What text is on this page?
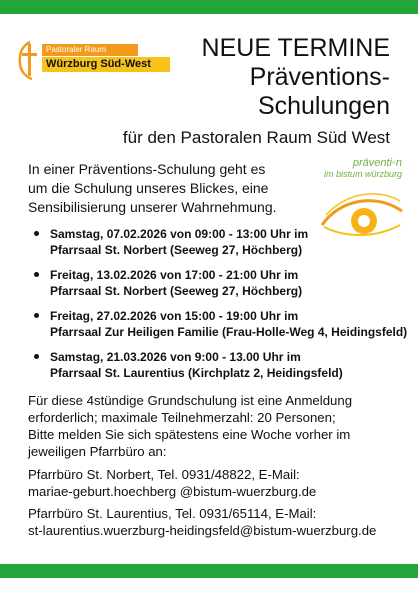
Pastoraler Raum
Würzburg Süd-West
NEUE TERMINE
Präventions-
Schulungen
für den Pastoralen Raum Süd West
In einer Präventions-Schulung geht es
um die Schulung unseres Blickes, eine
Sensibilisierung unserer Wahrnehmung.
präventi◦n
im bistum würzburg
Samstag, 07.02.2026 von 09:00 - 13:00 Uhr im
Pfarrsaal St. Norbert (Seeweg 27, Höchberg)
Freitag, 13.02.2026 von 17:00 - 21:00 Uhr im
Pfarrsaal St. Norbert (Seeweg 27, Höchberg)
Freitag, 27.02.2026 von 15:00 - 19:00 Uhr im
Pfarrsaal Zur Heiligen Familie (Frau-Holle-Weg 4, Heidingsfeld)
Samstag, 21.03.2026 von 9:00 - 13.00 Uhr im
Pfarrsaal St. Laurentius (Kirchplatz 2, Heidingsfeld)
Für diese 4stündige Grundschulung ist eine Anmeldung
erforderlich; maximale Teilnehmerzahl: 20 Personen;
Bitte melden Sie sich spätestens eine Woche vorher im
jeweiligen Pfarrbüro an:
Pfarrbüro St. Norbert, Tel. 0931/48822, E-Mail:
mariae-geburt.hoechberg @bistum-wuerzburg.de
Pfarrbüro St. Laurentius, Tel. 0931/65114, E-Mail:
st-laurentius.wuerzburg-heidingsfeld@bistum-wuerzburg.de
